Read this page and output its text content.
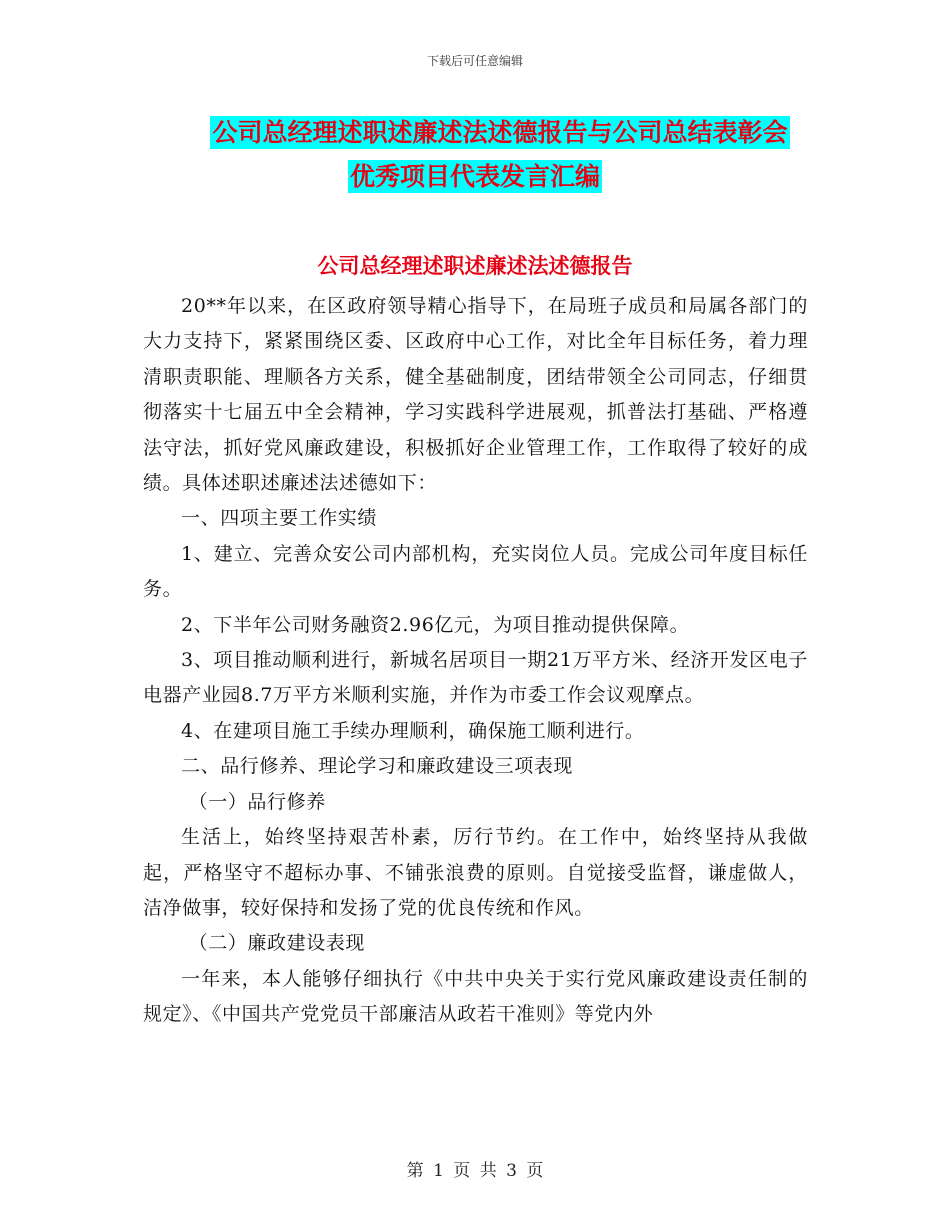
下载后可任意编辑
公司总经理述职述廉述法述德报告与公司总结表彰会
优秀项目代表发言汇编
公司总经理述职述廉述法述德报告

20**年以来，在区政府领导精心指导下，在局班子成员和局属各部门的大力支持下，紧紧围绕区委、区政府中心工作，对比全年目标任务，着力理清职责职能、理顺各方关系，健全基础制度，团结带领全公司同志，仔细贯彻落实十七届五中全会精神，学习实践科学进展观，抓普法打基础、严格遵法守法，抓好党风廉政建设，积极抓好企业管理工作，工作取得了较好的成绩。具体述职述廉述法述德如下：

一、四项主要工作实绩

1、建立、完善众安公司内部机构，充实岗位人员。完成公司年度目标任务。

2、下半年公司财务融资2.96亿元，为项目推动提供保障。

3、项目推动顺利进行，新城名居项目一期21万平方米、经济开发区电子电器产业园8.7万平方米顺利实施，并作为市委工作会议观摩点。

4、在建项目施工手续办理顺利，确保施工顺利进行。

二、品行修养、理论学习和廉政建设三项表现

（一）品行修养

生活上，始终坚持艰苦朴素，厉行节约。在工作中，始终坚持从我做起，严格坚守不超标办事、不铺张浪费的原则。自觉接受监督，谦虚做人，洁净做事，较好保持和发扬了党的优良传统和作风。

（二）廉政建设表现

一年来，本人能够仔细执行《中共中央关于实行党风廉政建设责任制的规定》、《中国共产党党员干部廉洁从政若干准则》等党内外

第 1 页 共 3 页
